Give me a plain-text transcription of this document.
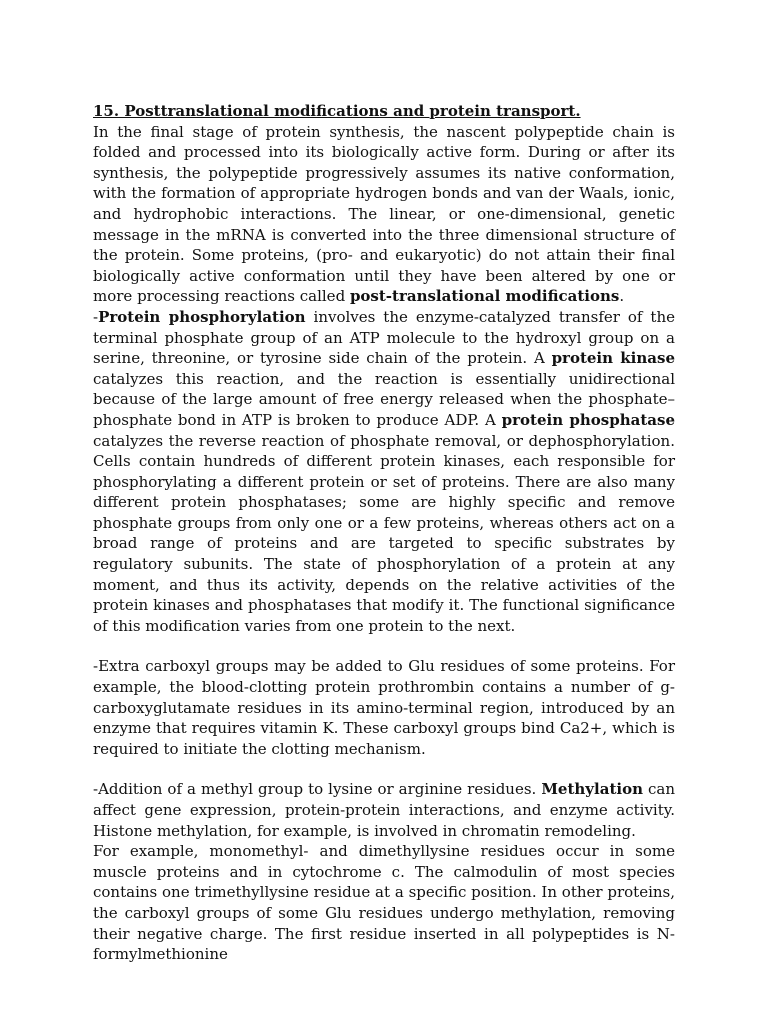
15. Posttranslational modifications and protein transport.

In the final stage of protein synthesis, the nascent polypeptide chain is folded and processed into its biologically active form. During or after its synthesis, the polypeptide progressively assumes its native conformation, with the formation of appropriate hydrogen bonds and van der Waals, ionic, and hydrophobic interactions. The linear, or one-dimensional, genetic message in the mRNA is converted into the three dimensional structure of the protein. Some proteins, (pro- and eukaryotic) do not attain their final biologically active conformation until they have been altered by one or more processing reactions called post-translational modifications.

-Protein phosphorylation involves the enzyme-catalyzed transfer of the terminal phosphate group of an ATP molecule to the hydroxyl group on a serine, threonine, or tyrosine side chain of the protein. A protein kinase catalyzes this reaction, and the reaction is essentially unidirectional because of the large amount of free energy released when the phosphate–phosphate bond in ATP is broken to produce ADP. A protein phosphatase catalyzes the reverse reaction of phosphate removal, or dephosphorylation. Cells contain hundreds of different protein kinases, each responsible for phosphorylating a different protein or set of proteins. There are also many different protein phosphatases; some are highly specific and remove phosphate groups from only one or a few proteins, whereas others act on a broad range of proteins and are targeted to specific substrates by regulatory subunits. The state of phosphorylation of a protein at any moment, and thus its activity, depends on the relative activities of the protein kinases and phosphatases that modify it. The functional significance of this modification varies from one protein to the next.

-Extra carboxyl groups may be added to Glu residues of some proteins. For example, the blood-clotting protein prothrombin contains a number of g-carboxyglutamate residues in its amino-terminal region, introduced by an enzyme that requires vitamin K. These carboxyl groups bind Ca2+, which is required to initiate the clotting mechanism.

-Addition of a methyl group to lysine or arginine residues. Methylation can affect gene expression, protein-protein interactions, and enzyme activity. Histone methylation, for example, is involved in chromatin remodeling.

For example, monomethyl- and dimethyllysine residues occur in some muscle proteins and in cytochrome c. The calmodulin of most species contains one trimethyllysine residue at a specific position. In other proteins, the carboxyl groups of some Glu residues undergo methylation, removing their negative charge. The first residue inserted in all polypeptides is N- formylmethionine
